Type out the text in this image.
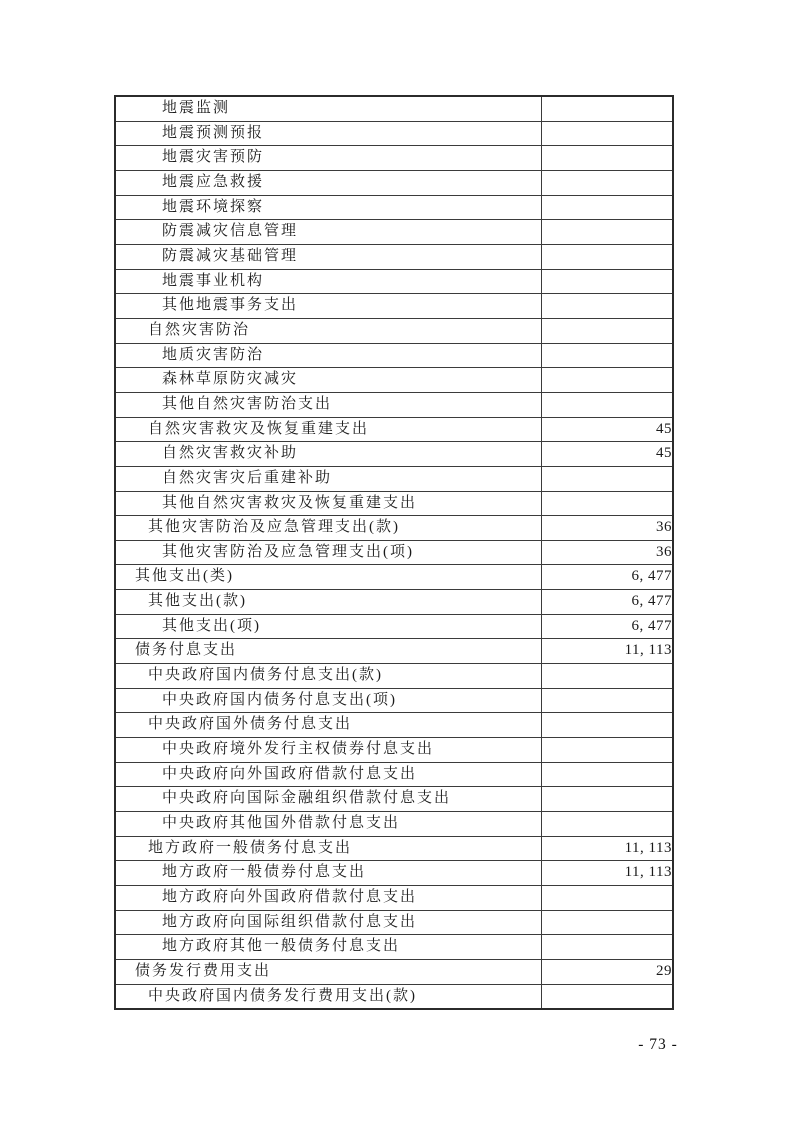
地震监测	
地震预测预报	
地震灾害预防	
地震应急救援	
地震环境探察	
防震减灾信息管理	
防震减灾基础管理	
地震事业机构	
其他地震事务支出	
自然灾害防治	
地质灾害防治	
森林草原防灾减灾	
其他自然灾害防治支出	
自然灾害救灾及恢复重建支出	45
自然灾害救灾补助	45
自然灾害灾后重建补助	
其他自然灾害救灾及恢复重建支出	
其他灾害防治及应急管理支出(款)	36
其他灾害防治及应急管理支出(项)	36
其他支出(类)	6, 477
其他支出(款)	6, 477
其他支出(项)	6, 477
债务付息支出	11, 113
中央政府国内债务付息支出(款)	
中央政府国内债务付息支出(项)	
中央政府国外债务付息支出	
中央政府境外发行主权债券付息支出	
中央政府向外国政府借款付息支出	
中央政府向国际金融组织借款付息支出	
中央政府其他国外借款付息支出	
地方政府一般债务付息支出	11, 113
地方政府一般债券付息支出	11, 113
地方政府向外国政府借款付息支出	
地方政府向国际组织借款付息支出	
地方政府其他一般债务付息支出	
债务发行费用支出	29
中央政府国内债务发行费用支出(款)	
- 73 -
